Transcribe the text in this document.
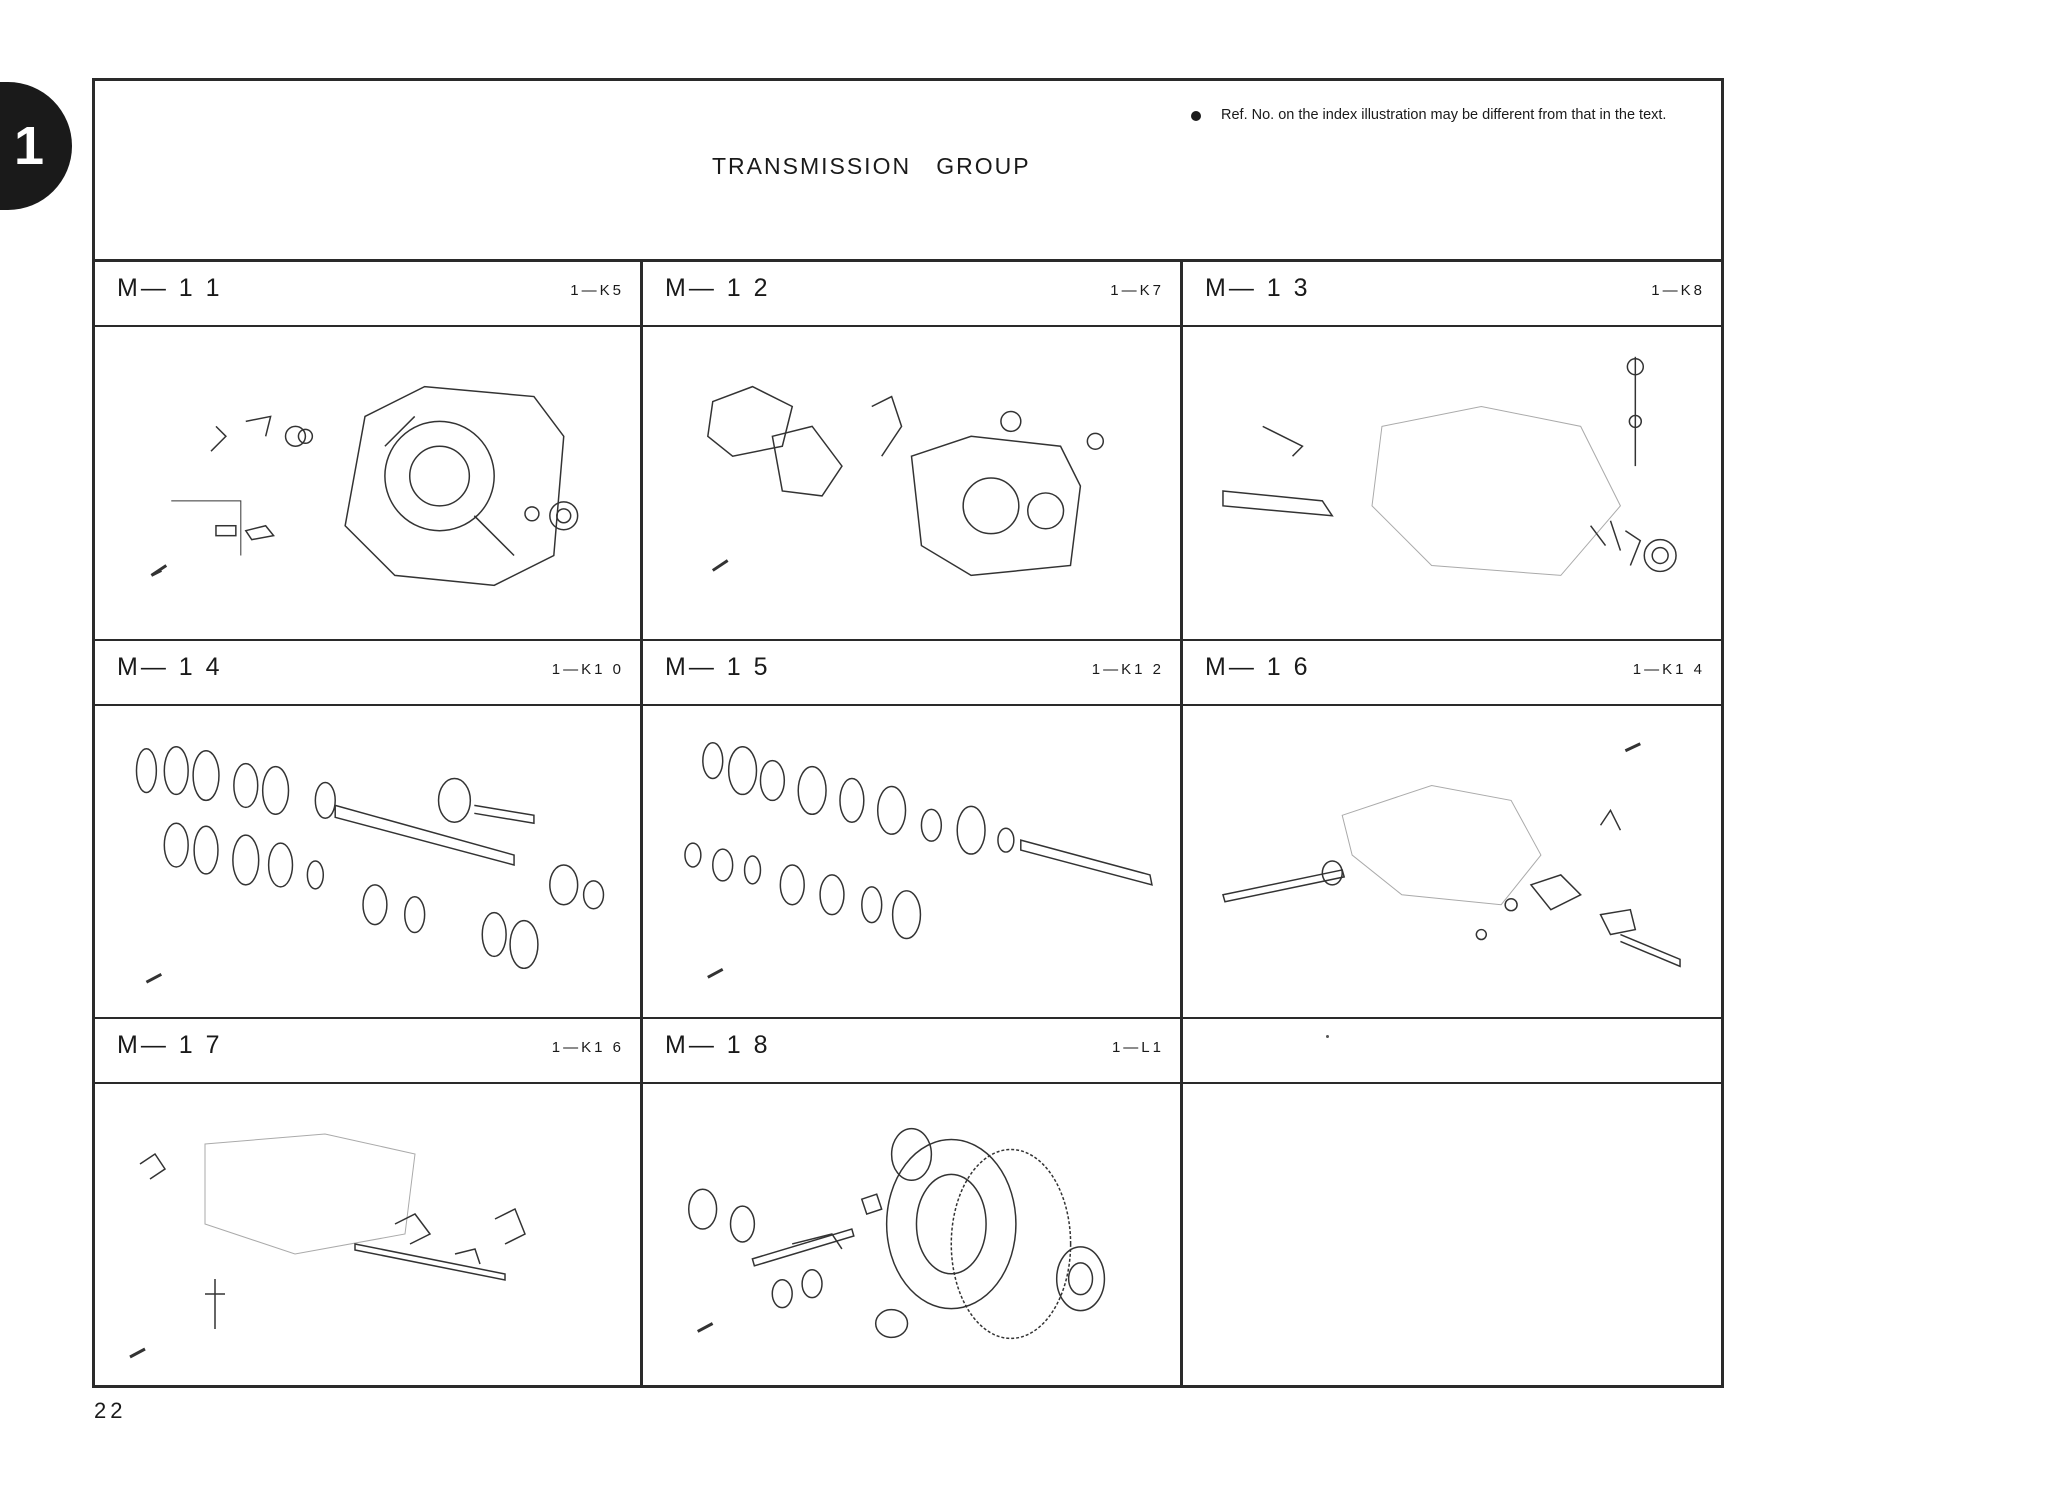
1	TRANSMISSION   GROUP
Ref. No. on the index illustration may be different from that in the text.
M— 1 1	1—K5 M— 1 2	1—K7 M— 1 3	1—K8
M— 1 4	1—K1 0 M— 1 5	1—K1 2 M— 1 6	1—K1 4
M— 1 7	1—K1 6 M— 1 8	1—L1
22
